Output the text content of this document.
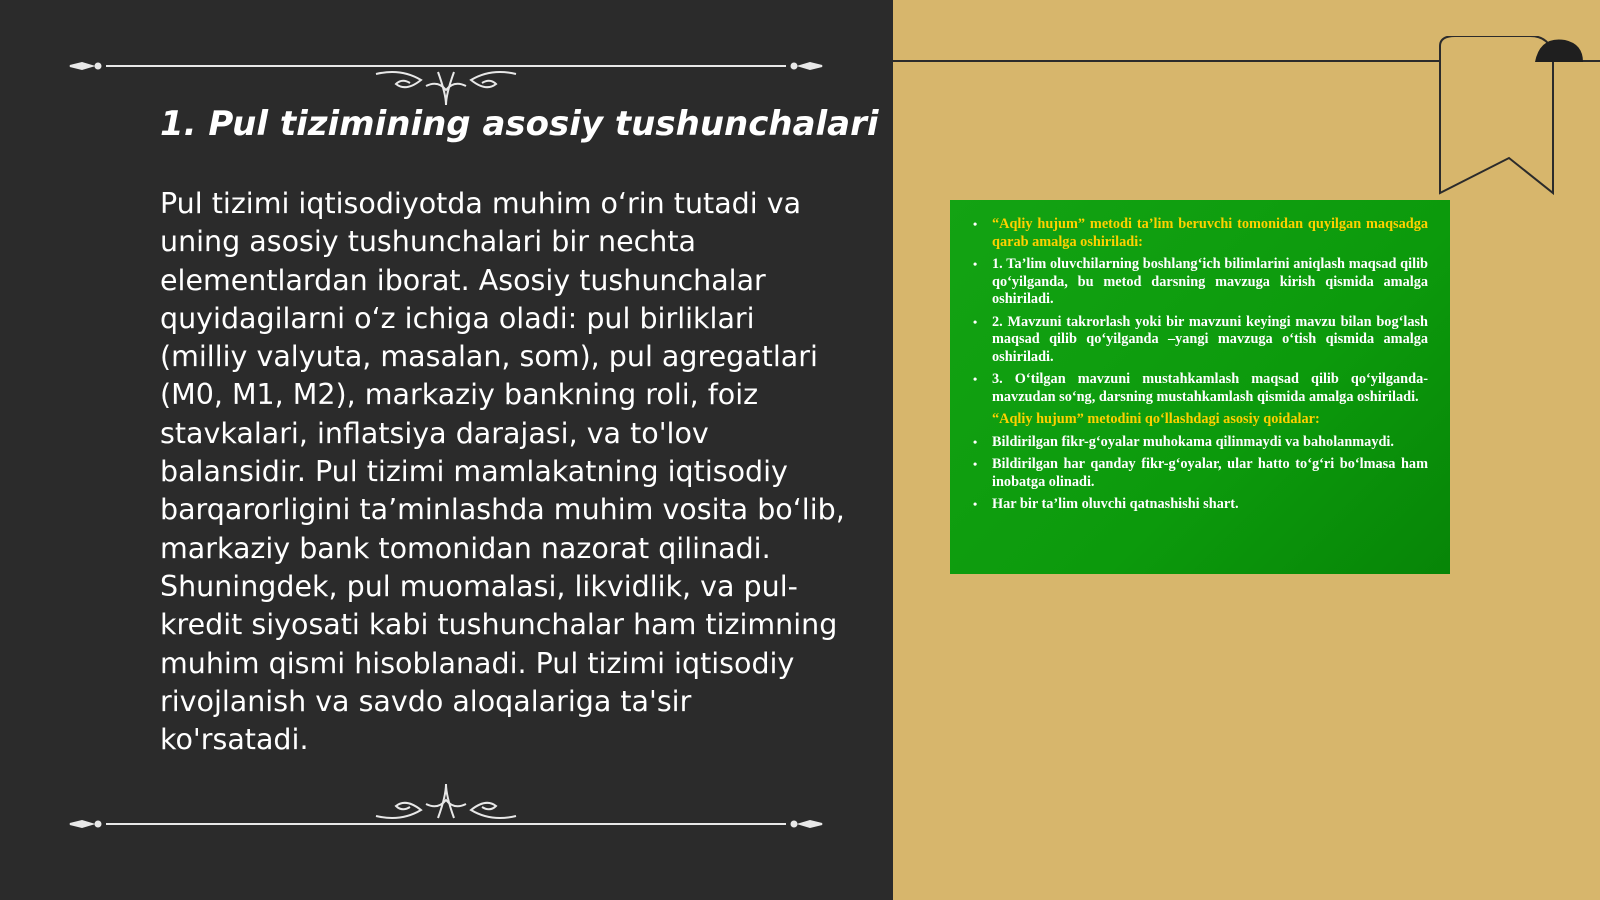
1. Pul tizimining asosiy tushunchalari
Pul tizimi iqtisodiyotda muhim o‘rin tutadi va uning asosiy tushunchalari bir nechta elementlardan iborat. Asosiy tushunchalar quyidagilarni o‘z ichiga oladi: pul birliklari (milliy valyuta, masalan, som), pul agregatlari (M0, M1, M2), markaziy bankning roli, foiz stavkalari, inflatsiya darajasi, va to'lov balansidir. Pul tizimi mamlakatning iqtisodiy barqarorligini ta’minlashda muhim vosita bo‘lib, markaziy bank tomonidan nazorat qilinadi. Shuningdek, pul muomalasi, likvidlik, va pul-kredit siyosati kabi tushunchalar ham tizimning muhim qismi hisoblanadi. Pul tizimi iqtisodiy rivojlanish va savdo aloqalariga ta'sir ko'rsatadi.
• “Aqliy hujum” metodi ta’lim beruvchi tomonidan quyilgan maqsadga qarab amalga oshiriladi:
• 1. Ta’lim oluvchilarning boshlang‘ich bilimlarini aniqlash maqsad qilib qo‘yilganda, bu metod darsning mavzuga kirish qismida amalga oshiriladi.
• 2. Mavzuni takrorlash yoki bir mavzuni keyingi mavzu bilan bog‘lash maqsad qilib qo‘yilganda –yangi mavzuga o‘tish qismida amalga oshiriladi.
• 3. O‘tilgan mavzuni mustahkamlash maqsad qilib qo‘yilganda-mavzudan so‘ng, darsning mustahkamlash qismida amalga oshiriladi.
“Aqliy hujum” metodini qo‘llashdagi asosiy qoidalar:
• Bildirilgan fikr-g‘oyalar muhokama qilinmaydi va baholanmaydi.
• Bildirilgan har qanday fikr-g‘oyalar, ular hatto to‘g‘ri bo‘lmasa ham inobatga olinadi.
• Har bir ta’lim oluvchi qatnashishi shart.
